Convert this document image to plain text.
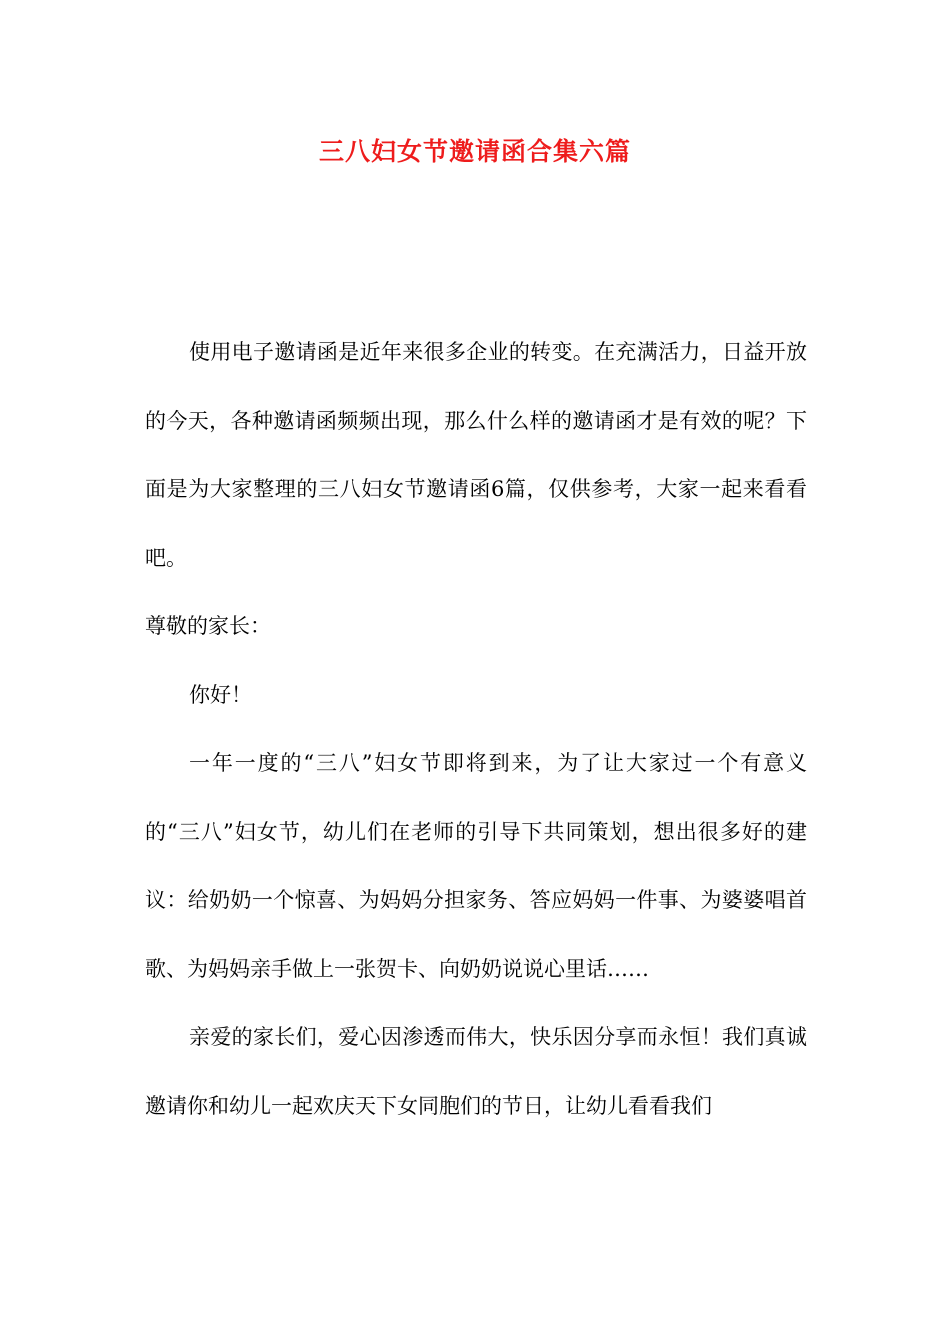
三八妇女节邀请函合集六篇

使用电子邀请函是近年来很多企业的转变。在充满活力，日益开放的今天，各种邀请函频频出现，那么什么样的邀请函才是有效的呢？下面是为大家整理的三八妇女节邀请函6篇，仅供参考，大家一起来看看吧。

尊敬的家长：

你好！

一年一度的“三八”妇女节即将到来，为了让大家过一个有意义的“三八”妇女节，幼儿们在老师的引导下共同策划，想出很多好的建议：给奶奶一个惊喜、为妈妈分担家务、答应妈妈一件事、为婆婆唱首歌、为妈妈亲手做上一张贺卡、向奶奶说说心里话……

亲爱的家长们，爱心因渗透而伟大，快乐因分享而永恒！我们真诚邀请你和幼儿一起欢庆天下女同胞们的节日，让幼儿看看我们
